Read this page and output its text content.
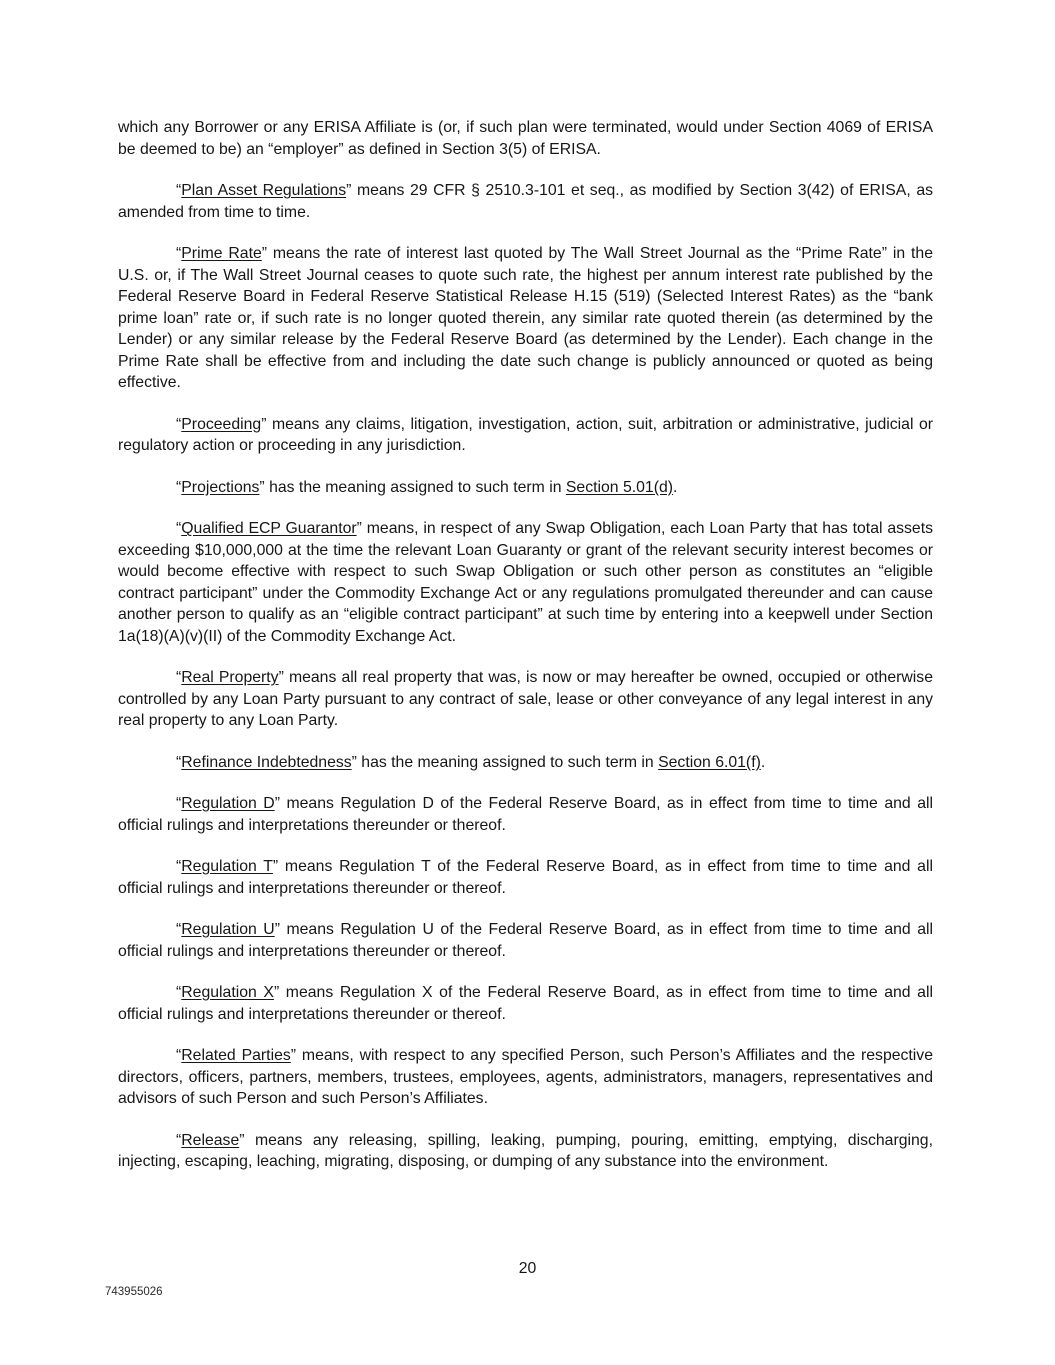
which any Borrower or any ERISA Affiliate is (or, if such plan were terminated, would under Section 4069 of ERISA be deemed to be) an “employer” as defined in Section 3(5) of ERISA.

“Plan Asset Regulations” means 29 CFR § 2510.3-101 et seq., as modified by Section 3(42) of ERISA, as amended from time to time.

“Prime Rate” means the rate of interest last quoted by The Wall Street Journal as the “Prime Rate” in the U.S. or, if The Wall Street Journal ceases to quote such rate, the highest per annum interest rate published by the Federal Reserve Board in Federal Reserve Statistical Release H.15 (519) (Selected Interest Rates) as the “bank prime loan” rate or, if such rate is no longer quoted therein, any similar rate quoted therein (as determined by the Lender) or any similar release by the Federal Reserve Board (as determined by the Lender). Each change in the Prime Rate shall be effective from and including the date such change is publicly announced or quoted as being effective.

“Proceeding” means any claims, litigation, investigation, action, suit, arbitration or administrative, judicial or regulatory action or proceeding in any jurisdiction.

“Projections” has the meaning assigned to such term in Section 5.01(d).

“Qualified ECP Guarantor” means, in respect of any Swap Obligation, each Loan Party that has total assets exceeding $10,000,000 at the time the relevant Loan Guaranty or grant of the relevant security interest becomes or would become effective with respect to such Swap Obligation or such other person as constitutes an “eligible contract participant” under the Commodity Exchange Act or any regulations promulgated thereunder and can cause another person to qualify as an “eligible contract participant” at such time by entering into a keepwell under Section 1a(18)(A)(v)(II) of the Commodity Exchange Act.

“Real Property” means all real property that was, is now or may hereafter be owned, occupied or otherwise controlled by any Loan Party pursuant to any contract of sale, lease or other conveyance of any legal interest in any real property to any Loan Party.

“Refinance Indebtedness” has the meaning assigned to such term in Section 6.01(f).

“Regulation D” means Regulation D of the Federal Reserve Board, as in effect from time to time and all official rulings and interpretations thereunder or thereof.

“Regulation T” means Regulation T of the Federal Reserve Board, as in effect from time to time and all official rulings and interpretations thereunder or thereof.

“Regulation U” means Regulation U of the Federal Reserve Board, as in effect from time to time and all official rulings and interpretations thereunder or thereof.

“Regulation X” means Regulation X of the Federal Reserve Board, as in effect from time to time and all official rulings and interpretations thereunder or thereof.

“Related Parties” means, with respect to any specified Person, such Person’s Affiliates and the respective directors, officers, partners, members, trustees, employees, agents, administrators, managers, representatives and advisors of such Person and such Person’s Affiliates.

“Release” means any releasing, spilling, leaking, pumping, pouring, emitting, emptying, discharging, injecting, escaping, leaching, migrating, disposing, or dumping of any substance into the environment.

20
743955026
